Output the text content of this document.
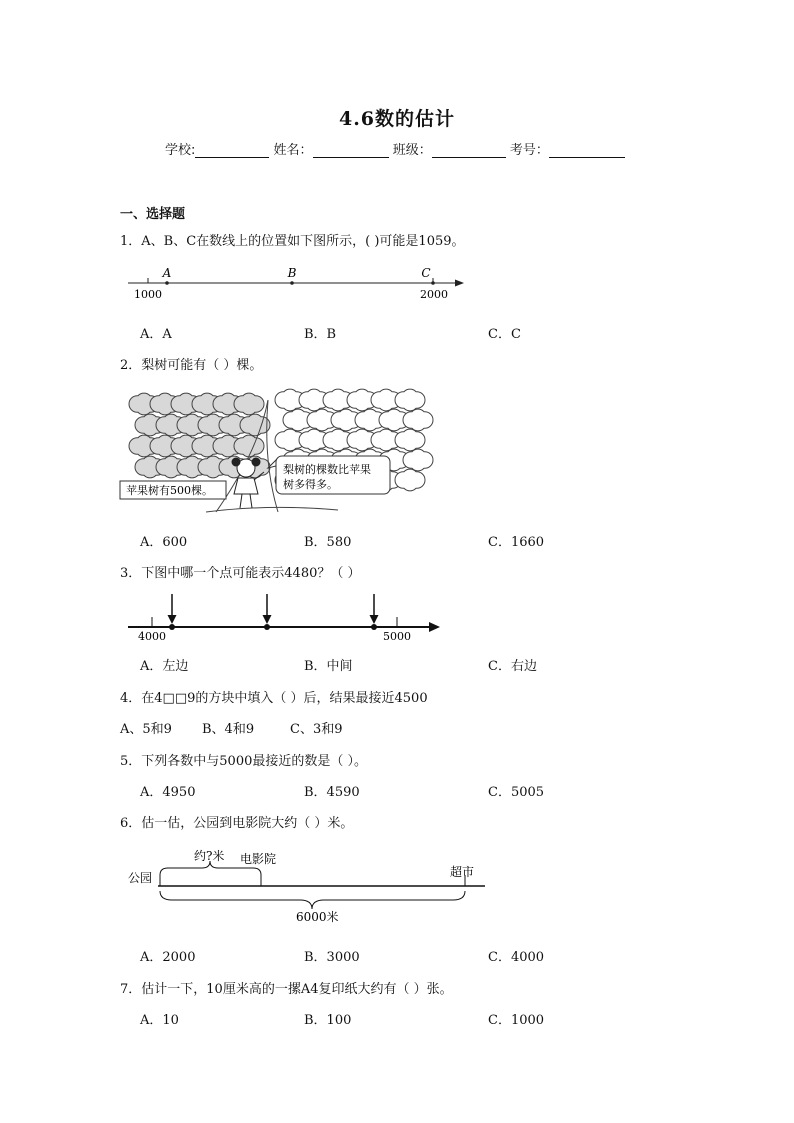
4.6数的估计
学校:	姓名：	班级：	考号：
一、选择题
1．A、B、C在数线上的位置如下图所示，( )可能是1059。
A	B	C
1000	2000
A．A	B．B	C．C
2．梨树可能有（ ）棵。
苹果树有500棵。
梨树的棵数比苹果
树多得多。
A．600	B．580	C．1660
3．下图中哪一个点可能表示4480？（ ）
4000	5000
A．左边	B．中间	C．右边
4．在4□□9的方块中填入（ ）后，结果最接近4500
A、5和9 B、4和9	C、3和9
5．下列各数中与5000最接近的数是（ ）。
A．4950	B．4590	C．5005
6．估一估，公园到电影院大约（ ）米。
约?米 电影院
公园	超市
6000米
A．2000	B．3000	C．4000
7．估计一下，10厘米高的一摞A4复印纸大约有（ ）张。
A．10	B．100	C．1000
